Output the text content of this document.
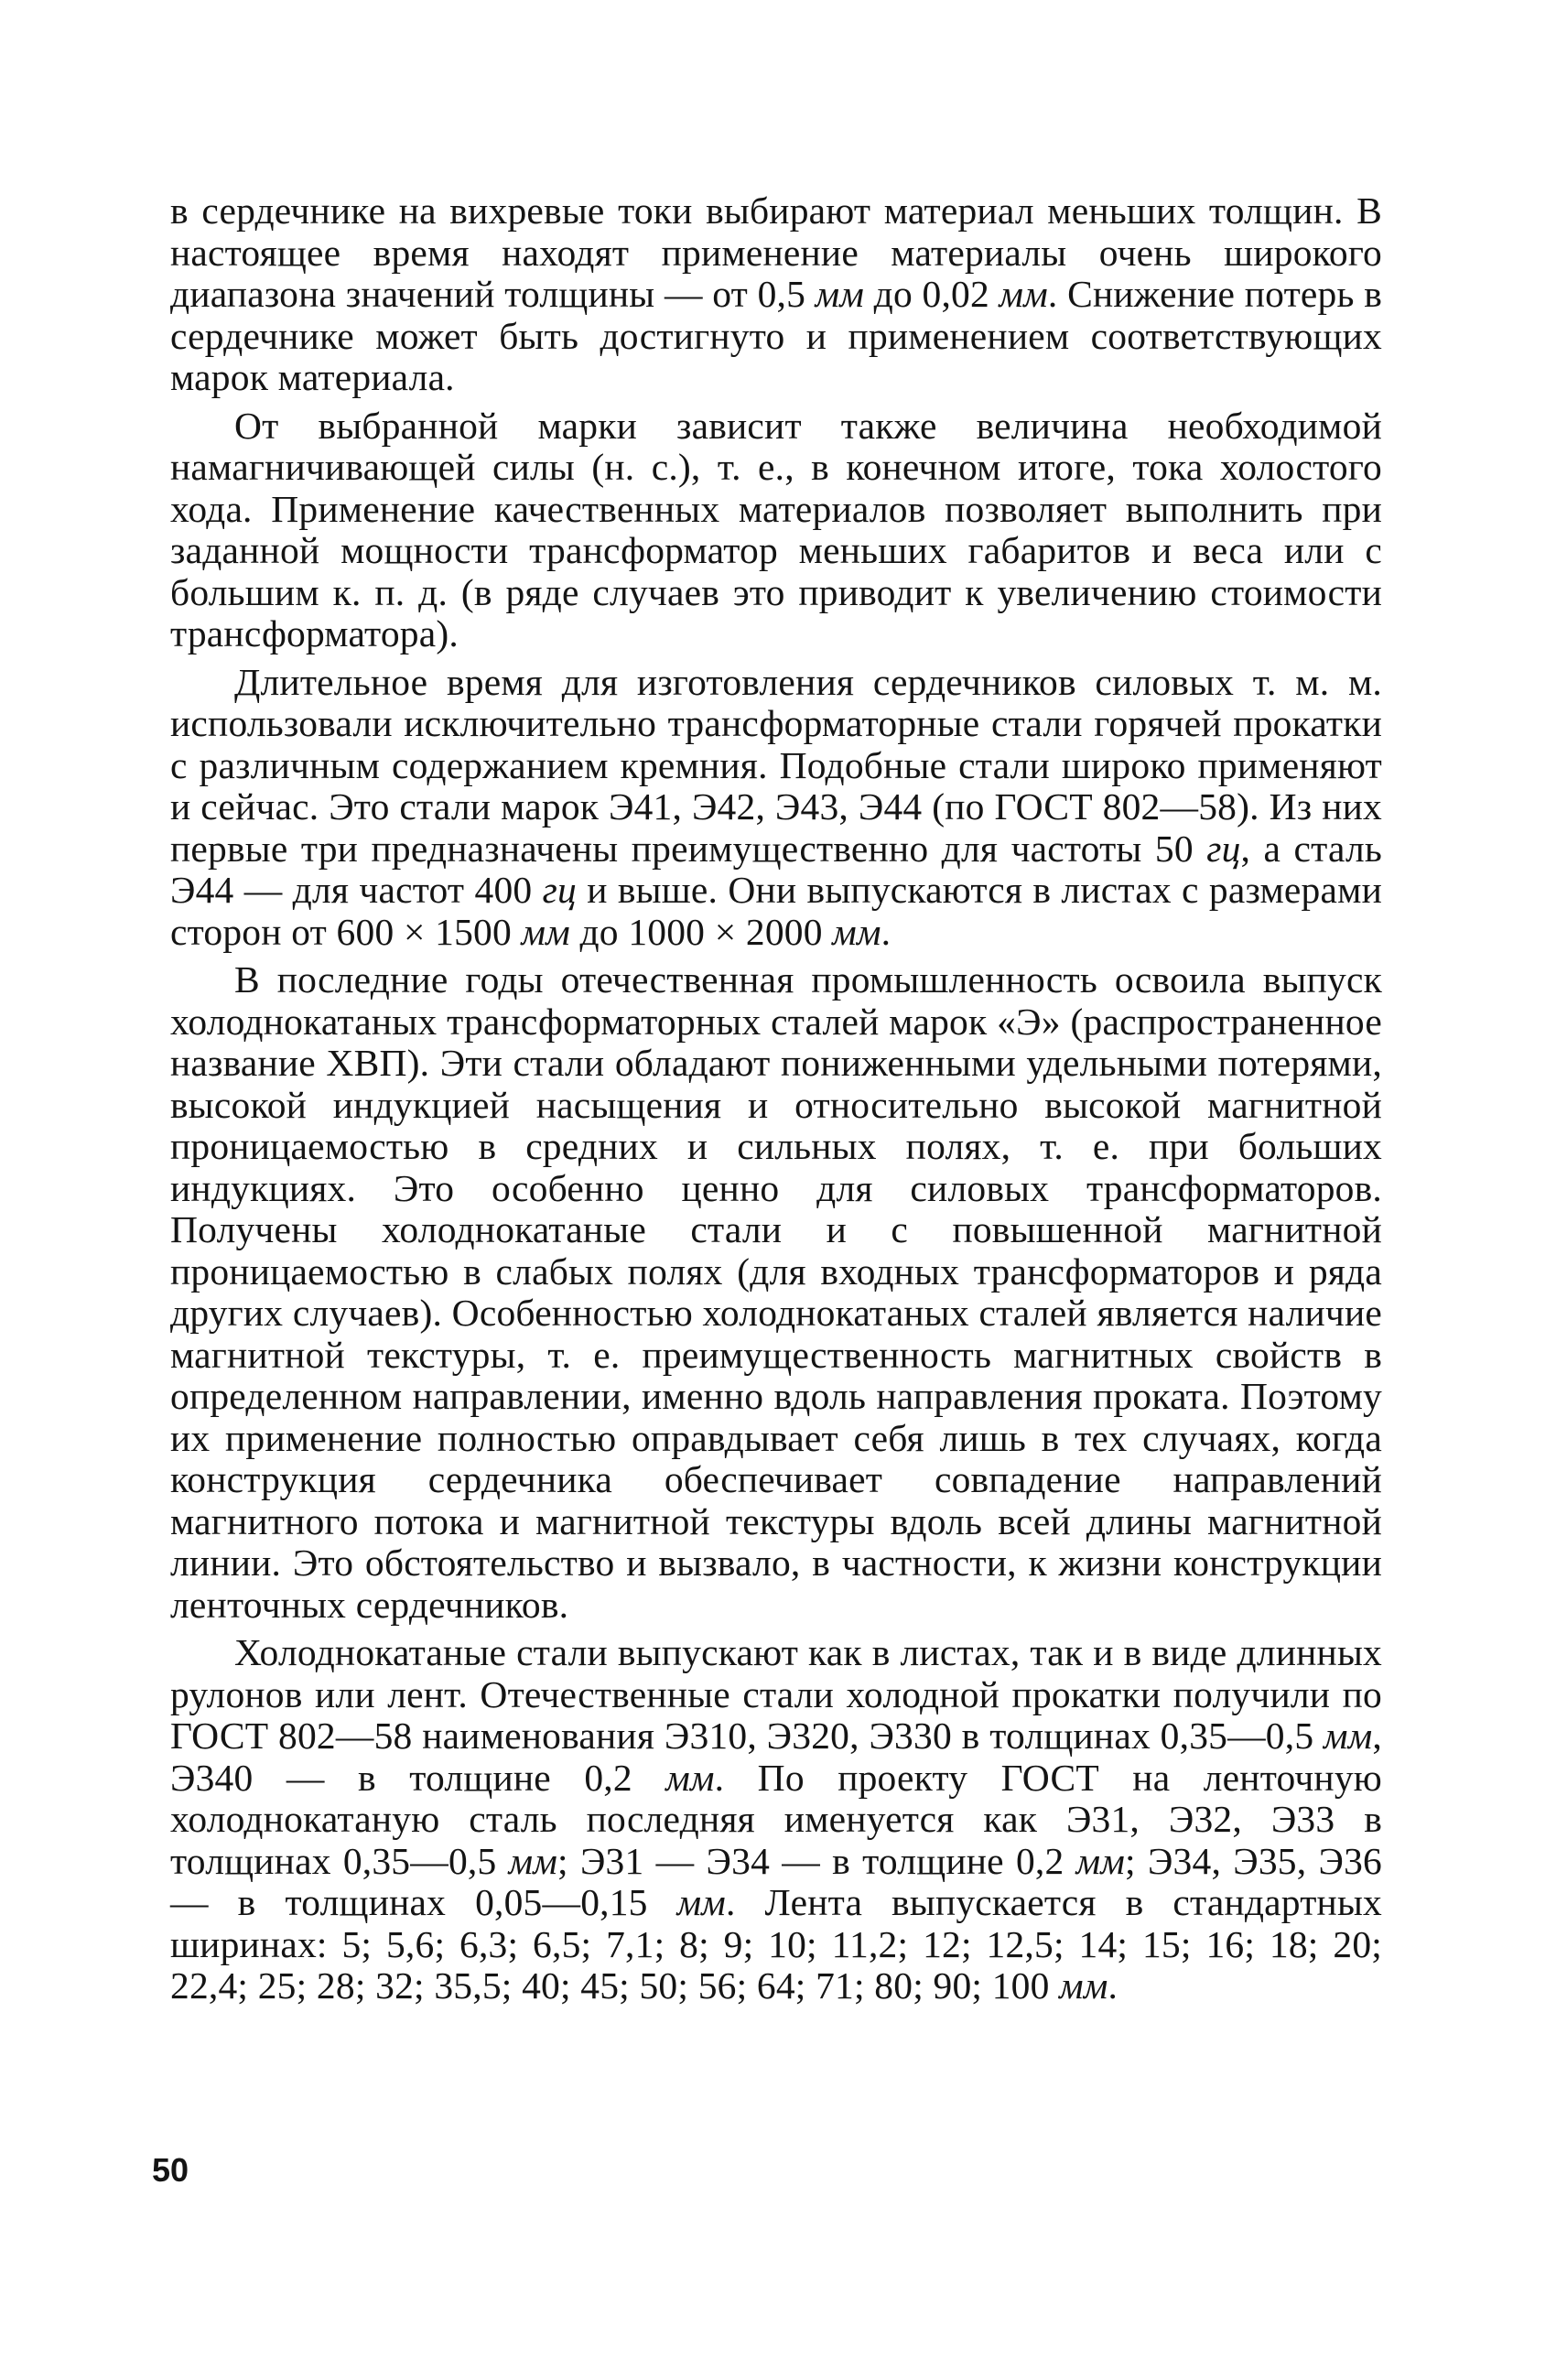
в сердечнике на вихревые токи выбирают материал меньших толщин. В настоящее время находят применение материалы очень широкого диапазона значений толщины — от 0,5 мм до 0,02 мм. Снижение потерь в сердечнике может быть достигнуто и применением соответствующих марок материала.

От выбранной марки зависит также величина необходимой намагничивающей силы (н. с.), т. е., в конечном итоге, тока холостого хода. Применение качественных материалов позволяет выполнить при заданной мощности трансформатор меньших габаритов и веса или с большим к. п. д. (в ряде случаев это приводит к увеличению стоимости трансформатора).

Длительное время для изготовления сердечников силовых т. м. м. использовали исключительно трансформаторные стали горячей прокатки с различным содержанием кремния. Подобные стали широко применяют и сейчас. Это стали марок Э41, Э42, Э43, Э44 (по ГОСТ 802—58). Из них первые три предназначены преимущественно для частоты 50 гц, а сталь Э44 — для частот 400 гц и выше. Они выпускаются в листах с размерами сторон от 600 × 1500 мм до 1000 × 2000 мм.

В последние годы отечественная промышленность освоила выпуск холоднокатаных трансформаторных сталей марок «Э» (распространенное название ХВП). Эти стали обладают пониженными удельными потерями, высокой индукцией насыщения и относительно высокой магнитной проницаемостью в средних и сильных полях, т. е. при больших индукциях. Это особенно ценно для силовых трансформаторов. Получены холоднокатаные стали и с повышенной магнитной проницаемостью в слабых полях (для входных трансформаторов и ряда других случаев). Особенностью холоднокатаных сталей является наличие магнитной текстуры, т. е. преимущественность магнитных свойств в определенном направлении, именно вдоль направления проката. Поэтому их применение полностью оправдывает себя лишь в тех случаях, когда конструкция сердечника обеспечивает совпадение направлений магнитного потока и магнитной текстуры вдоль всей длины магнитной линии. Это обстоятельство и вызвало, в частности, к жизни конструкции ленточных сердечников.

Холоднокатаные стали выпускают как в листах, так и в виде длинных рулонов или лент. Отечественные стали холодной прокатки получили по ГОСТ 802—58 наименования Э310, Э320, Э330 в толщинах 0,35—0,5 мм, Э340 — в толщине 0,2 мм. По проекту ГОСТ на ленточную холоднокатаную сталь последняя именуется как Э31, Э32, Э33 в толщинах 0,35—0,5 мм; Э31 — Э34 — в толщине 0,2 мм; Э34, Э35, Э36 — в толщинах 0,05—0,15 мм. Лента выпускается в стандартных ширинах: 5; 5,6; 6,3; 6,5; 7,1; 8; 9; 10; 11,2; 12; 12,5; 14; 15; 16; 18; 20; 22,4; 25; 28; 32; 35,5; 40; 45; 50; 56; 64; 71; 80; 90; 100 мм.

50
